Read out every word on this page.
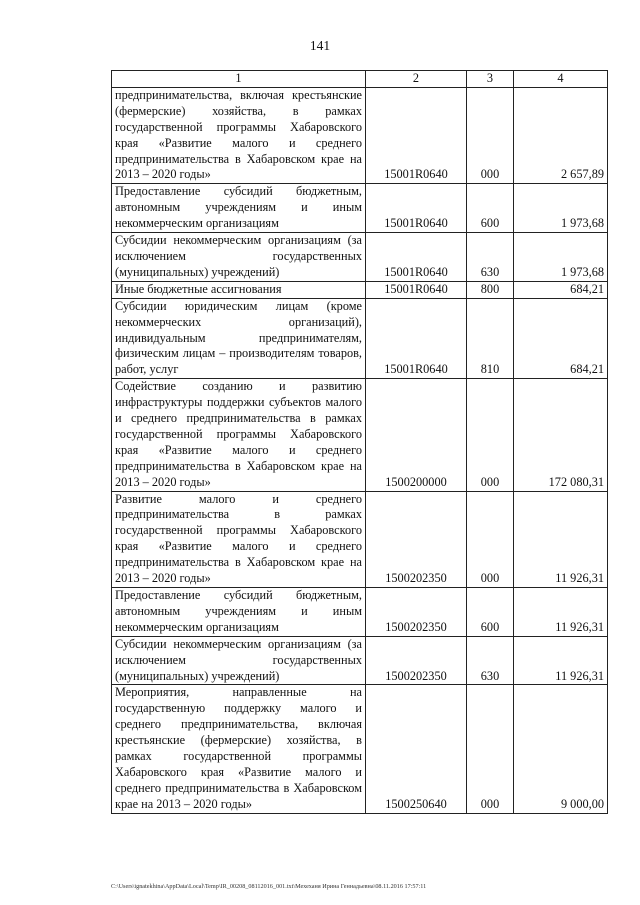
141
1	2	3	4
предпринимательства, включая крестьянские (фермерские) хозяйства, в рамках государственной программы Хабаровского края «Развитие малого и среднего предпринимательства в Хабаровском крае на 2013 – 2020 годы»	15001R0640	000	2 657,89
Предоставление субсидий бюджетным, автономным учреждениям и иным некоммерческим организациям	15001R0640	600	1 973,68
Субсидии некоммерческим организациям (за исключением государственных (муниципальных) учреждений)	15001R0640	630	1 973,68
Иные бюджетные ассигнования	15001R0640	800	684,21
Субсидии юридическим лицам (кроме некоммерческих организаций), индивидуальным предпринимателям, физическим лицам – производителям товаров, работ, услуг	15001R0640	810	684,21
Содействие созданию и развитию инфраструктуры поддержки субъектов малого и среднего предпринимательства в рамках государственной программы Хабаровского края «Развитие малого и среднего предпринимательства в Хабаровском крае на 2013 – 2020 годы»	1500200000	000	172 080,31
Развитие малого и среднего предпринимательства в рамках государственной программы Хабаровского края «Развитие малого и среднего предпринимательства в Хабаровском крае на 2013 – 2020 годы»	1500202350	000	11 926,31
Предоставление субсидий бюджетным, автономным учреждениям и иным некоммерческим организациям	1500202350	600	11 926,31
Субсидии некоммерческим организациям (за исключением государственных (муниципальных) учреждений)	1500202350	630	11 926,31
Мероприятия, направленные на государственную поддержку малого и среднего предпринимательства, включая крестьянские (фермерские) хозяйства, в рамках государственной программы Хабаровского края «Развитие малого и среднего предпринимательства в Хабаровском крае на 2013 – 2020 годы»	1500250640	000	9 000,00
C:\Users\ignatekhina\AppData\Local\Temp\IR_00208_08112016_001.txt\Мехеханя Ирина Геннадьевна\08.11.2016 17:57:11
